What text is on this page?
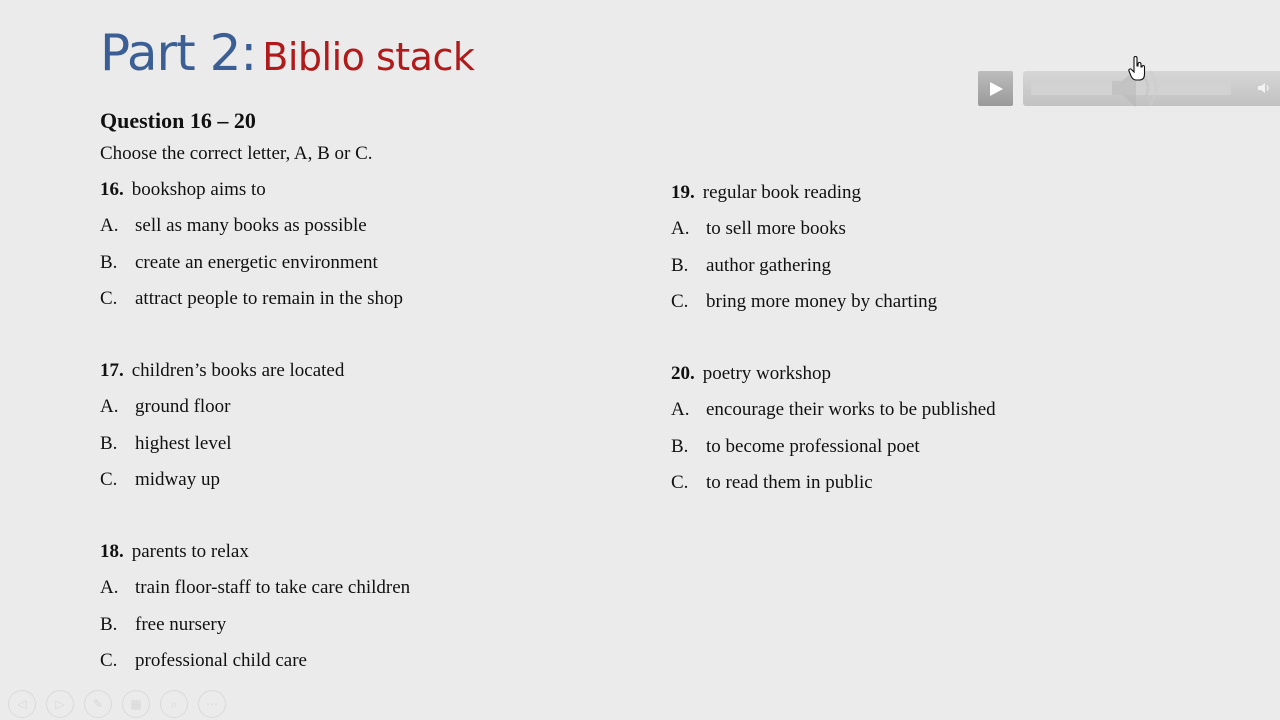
Part 2: Biblio stack
Question 16 – 20
Choose the correct letter, A, B or C.
16. bookshop aims to
A. sell as many books as possible
B. create an energetic environment
C. attract people to remain in the shop
17. children’s books are located
A. ground floor
B. highest level
C. midway up
18. parents to relax
A. train floor-staff to take care children
B. free nursery
C. professional child care
19. regular book reading
A. to sell more books
B. author gathering
C. bring more money by charting
20. poetry workshop
A. encourage their works to be published
B. to become professional poet
C. to read them in public
◁ ▷ ✎ ▦ ⌕ ⋯
